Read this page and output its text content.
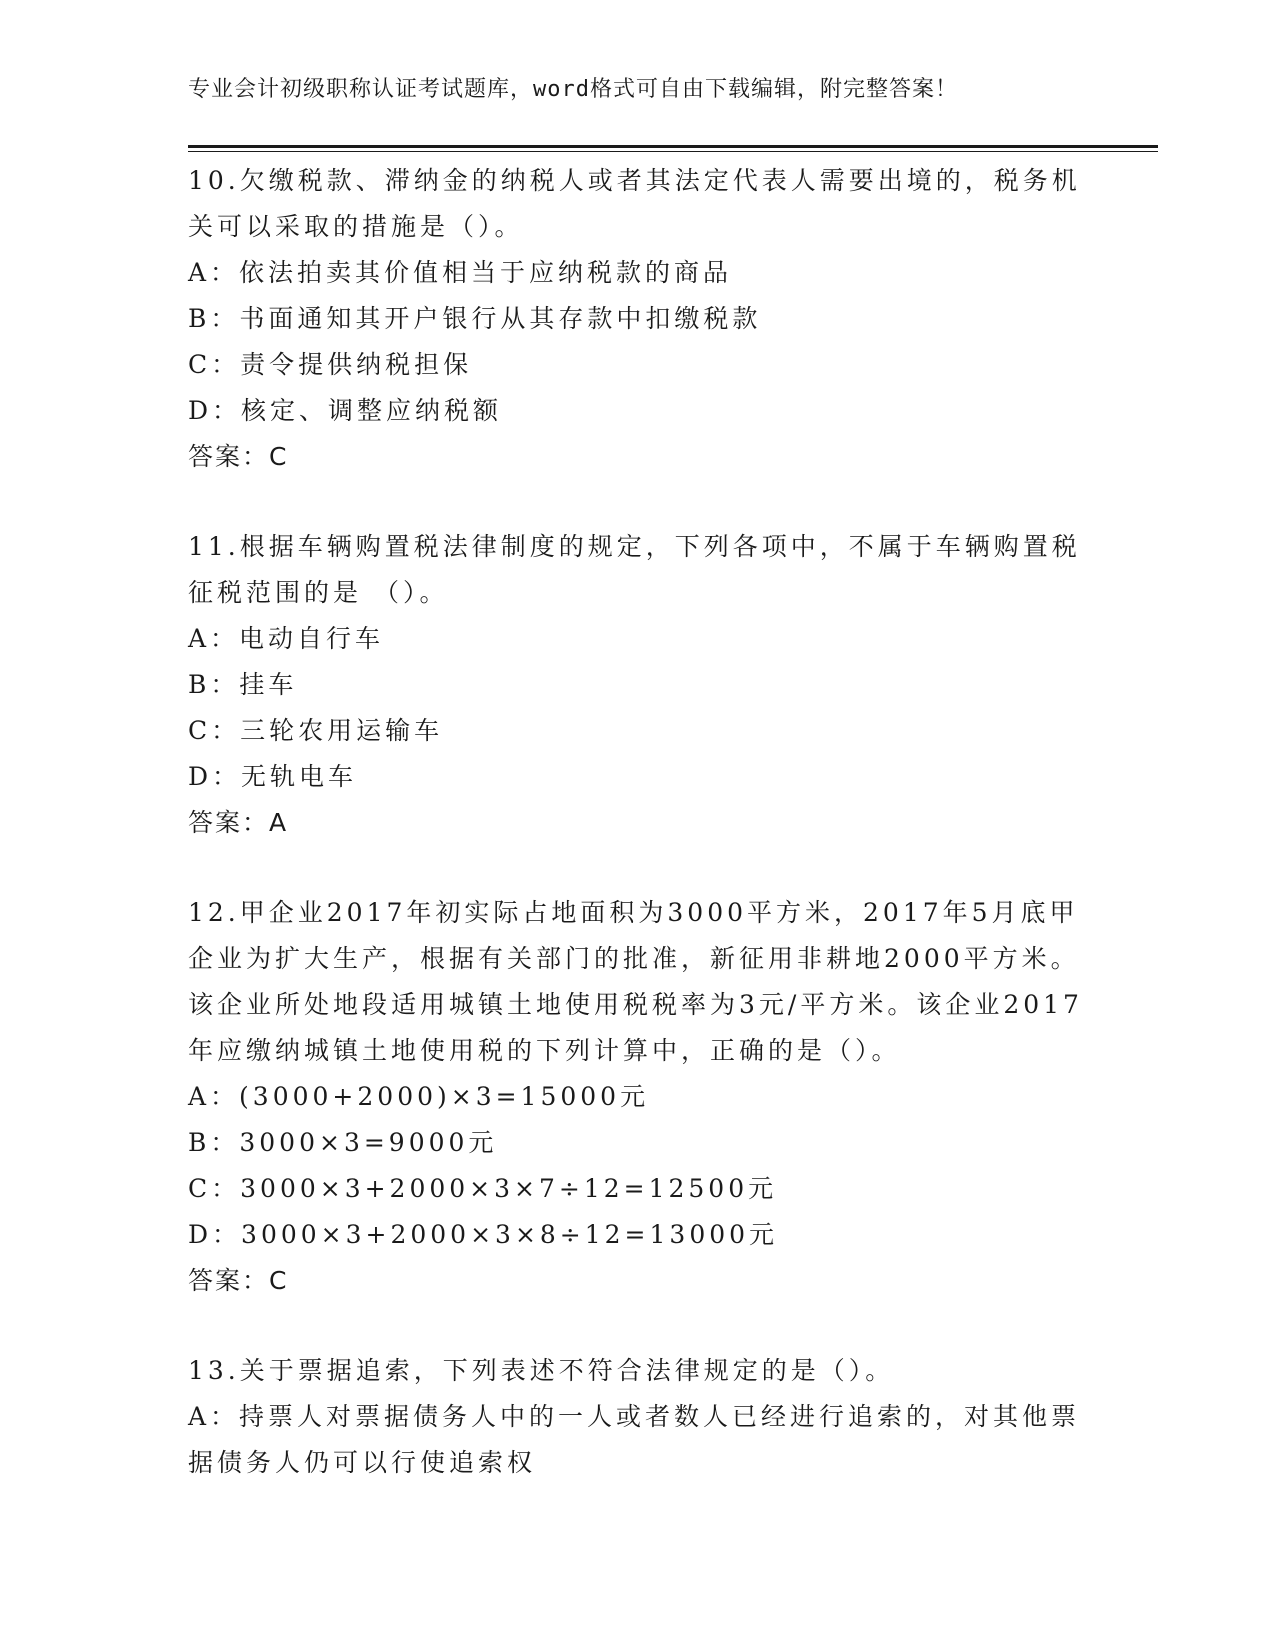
专业会计初级职称认证考试题库，word格式可自由下载编辑，附完整答案！
10.欠缴税款、滞纳金的纳税人或者其法定代表人需要出境的，税务机关可以采取的措施是（）。
A：依法拍卖其价值相当于应纳税款的商品
B：书面通知其开户银行从其存款中扣缴税款
C：责令提供纳税担保
D：核定、调整应纳税额
答案：C
11.根据车辆购置税法律制度的规定，下列各项中，不属于车辆购置税征税范围的是 （）。
A：电动自行车
B：挂车
C：三轮农用运输车
D：无轨电车
答案：A
12.甲企业2017年初实际占地面积为3000平方米，2017年5月底甲企业为扩大生产，根据有关部门的批准，新征用非耕地2000平方米。该企业所处地段适用城镇土地使用税税率为3元/平方米。该企业2017年应缴纳城镇土地使用税的下列计算中，正确的是（）。
A：(3000+2000)×3=15000元
B：3000×3=9000元
C：3000×3+2000×3×7÷12=12500元
D：3000×3+2000×3×8÷12=13000元
答案：C
13.关于票据追索，下列表述不符合法律规定的是（）。
A：持票人对票据债务人中的一人或者数人已经进行追索的，对其他票据债务人仍可以行使追索权
